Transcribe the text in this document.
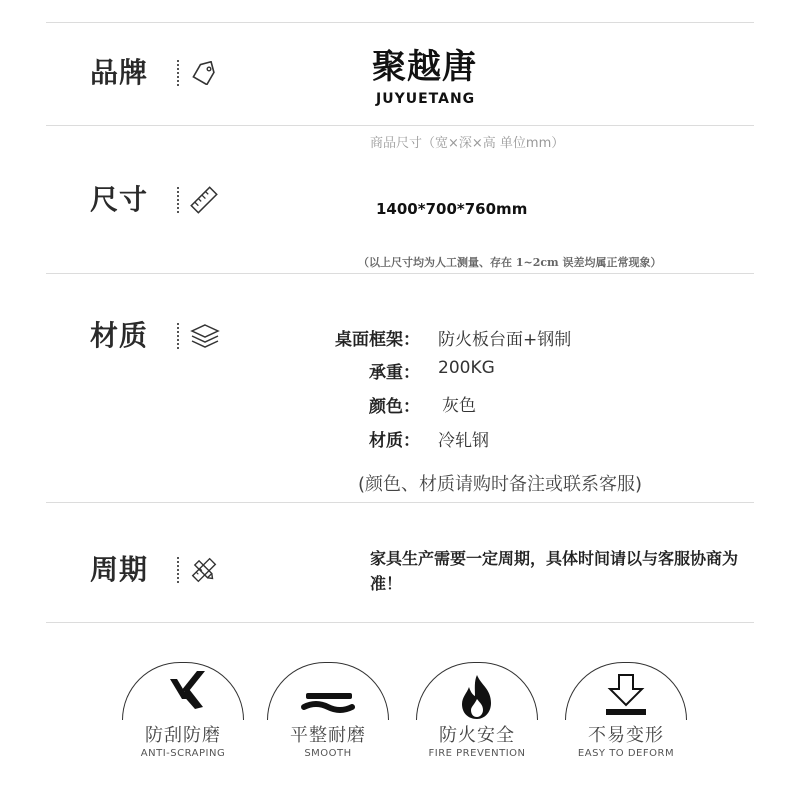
品牌	聚越唐
JUYUETANG
商品尺寸（宽×深×高 单位mm）
尺寸	1400*700*760mm
（以上尺寸均为人工测量、存在 1~2cm 误差均属正常现象）
材质	桌面框架： 防火板台面+钢制
承重： 200KG
颜色： 灰色
材质： 冷轧钢
(颜色、材质请购时备注或联系客服)
周期	家具生产需要一定周期，具体时间请以与客服协商为准！
防刮防磨
ANTI-SCRAPING
平整耐磨
SMOOTH
防火安全
FIRE PREVENTION
不易变形
EASY TO DEFORM
